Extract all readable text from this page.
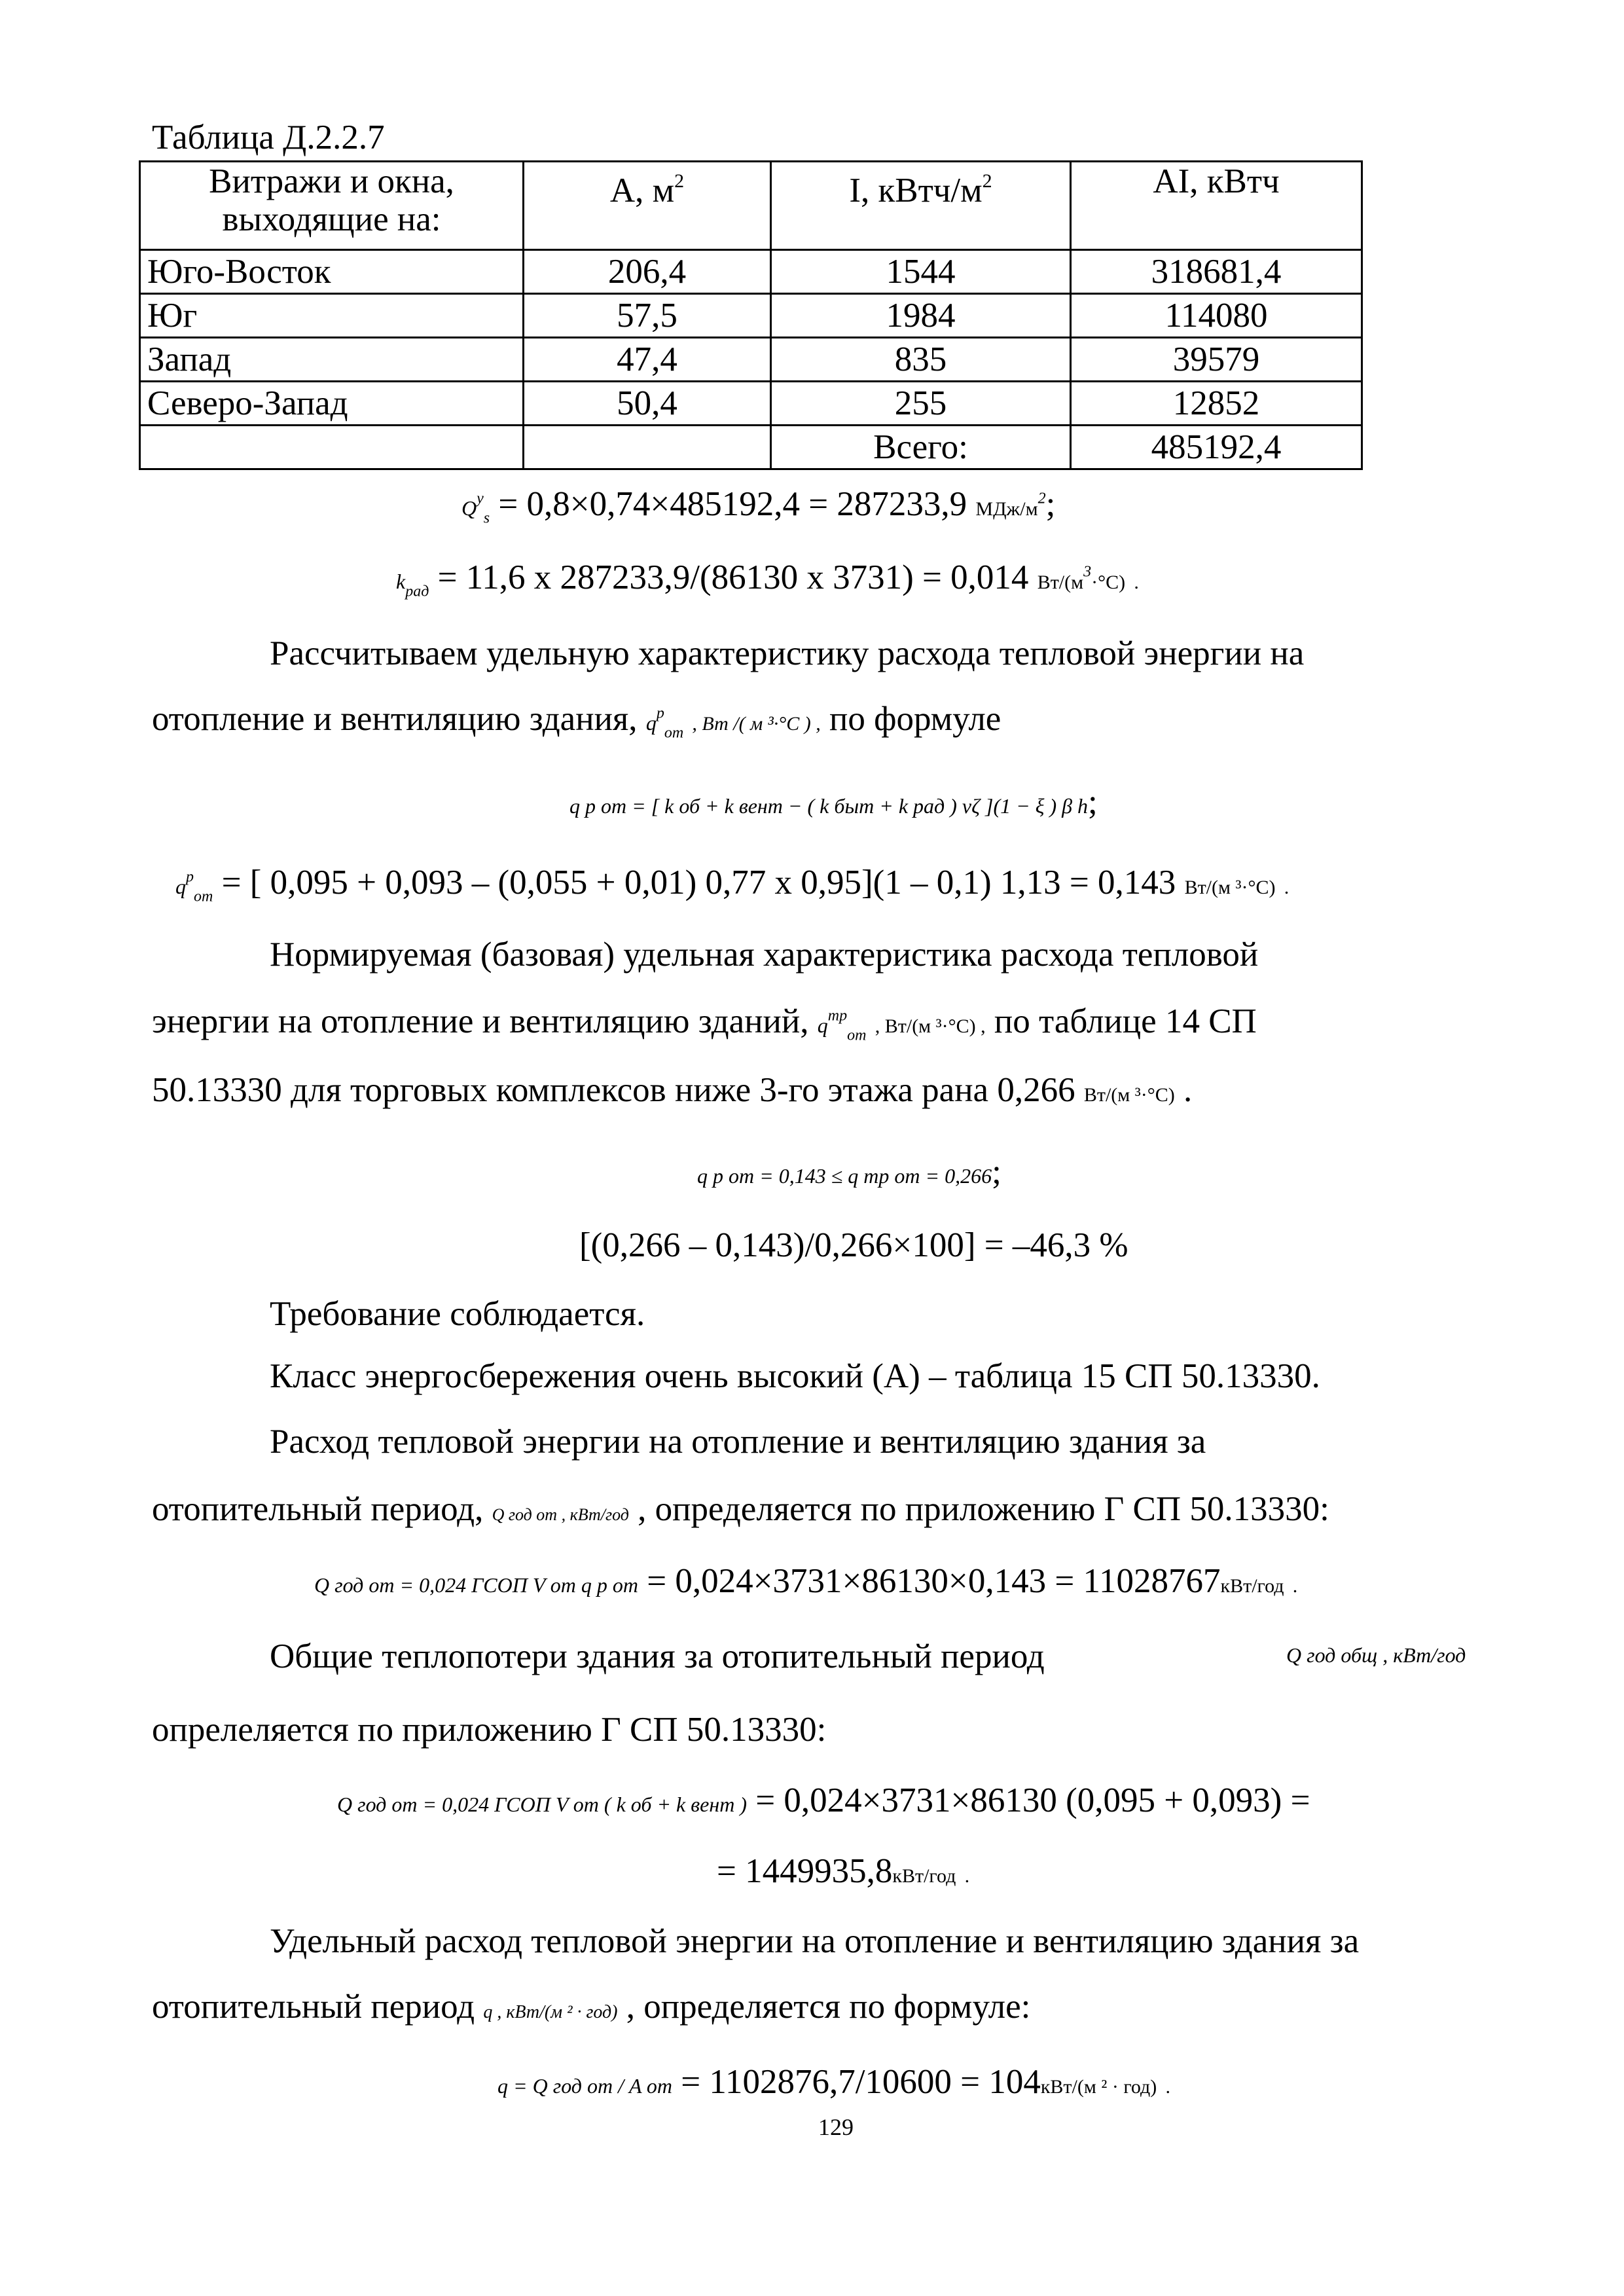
Таблица Д.2.2.7
Витражи и окна, выходящие на:	А, $м^2$	I, кВтч/$м^2$	АI, кВтч
Юго-Восток	206,4	1544	318681,4
Юг	57,5	1984	114080
Запад	47,4	835	39579
Северо-Запад	50,4	255	12852
		Всего:	485192,4
$Q^y_s = 0,8\times 0,74\times 485192,4 = 287233,9$ МДж/$м^2$;
$k_{рад} = 11,6$ х 287233,9/(86130 х 3731) = 0,014 $Вт/(м^3\cdot^\circ С)$ .
Рассчитываем удельную характеристику расхода тепловой энергии на
отопление и вентиляцию здания, $q^р_{от}$ , Вт /( м ³·°С ) , по формуле
q р от = [ k об + k вент − ( k быт + k рад ) νζ ](1 − ξ ) β h;
$q^р_{от}$ = [ 0,095 + 0,093 – (0,055 + 0,01) 0,77 х 0,95](1 – 0,1) 1,13 = 0,143 Вт/(м ³·°С) .
Нормируемая (базовая) удельная характеристика расхода тепловой
энергии на отопление и вентиляцию зданий, $q^{тр}_{от}$ , Вт/(м ³·°С) , по таблице 14 СП
50.13330 для торговых комплексов ниже 3-го этажа рана 0,266 Вт/(м ³·°С) .
q р от = 0,143 ≤ q тр от = 0,266;
[(0,266 – 0,143)/0,266×100] = –46,3 %
Требование соблюдается.
Класс энергосбережения очень высокий (А) – таблица 15 СП 50.13330.
Расход тепловой энергии на отопление и вентиляцию здания за
отопительный период, Q год от , кВт/год , определяется по приложению Г СП 50.13330:
Q год от = 0,024 ГСОП V от q р от = 0,024×3731×86130×0,143 = 11028767кВт/год .
Общие теплопотери здания за отопительный период	Q год общ , кВт/год
опрелеляется по приложению Г СП 50.13330:
Q год от = 0,024 ГСОП V от ( k об + k вент ) = 0,024×3731×86130 (0,095 + 0,093) =
= 1449935,8кВт/год .
Удельный расход тепловой энергии на отопление и вентиляцию здания за
отопительный период q , кВт/(м ² · год) , определяется по формуле:
q = Q год от / A от = 1102876,7/10600 = 104кВт/(м ² · год) .
129
